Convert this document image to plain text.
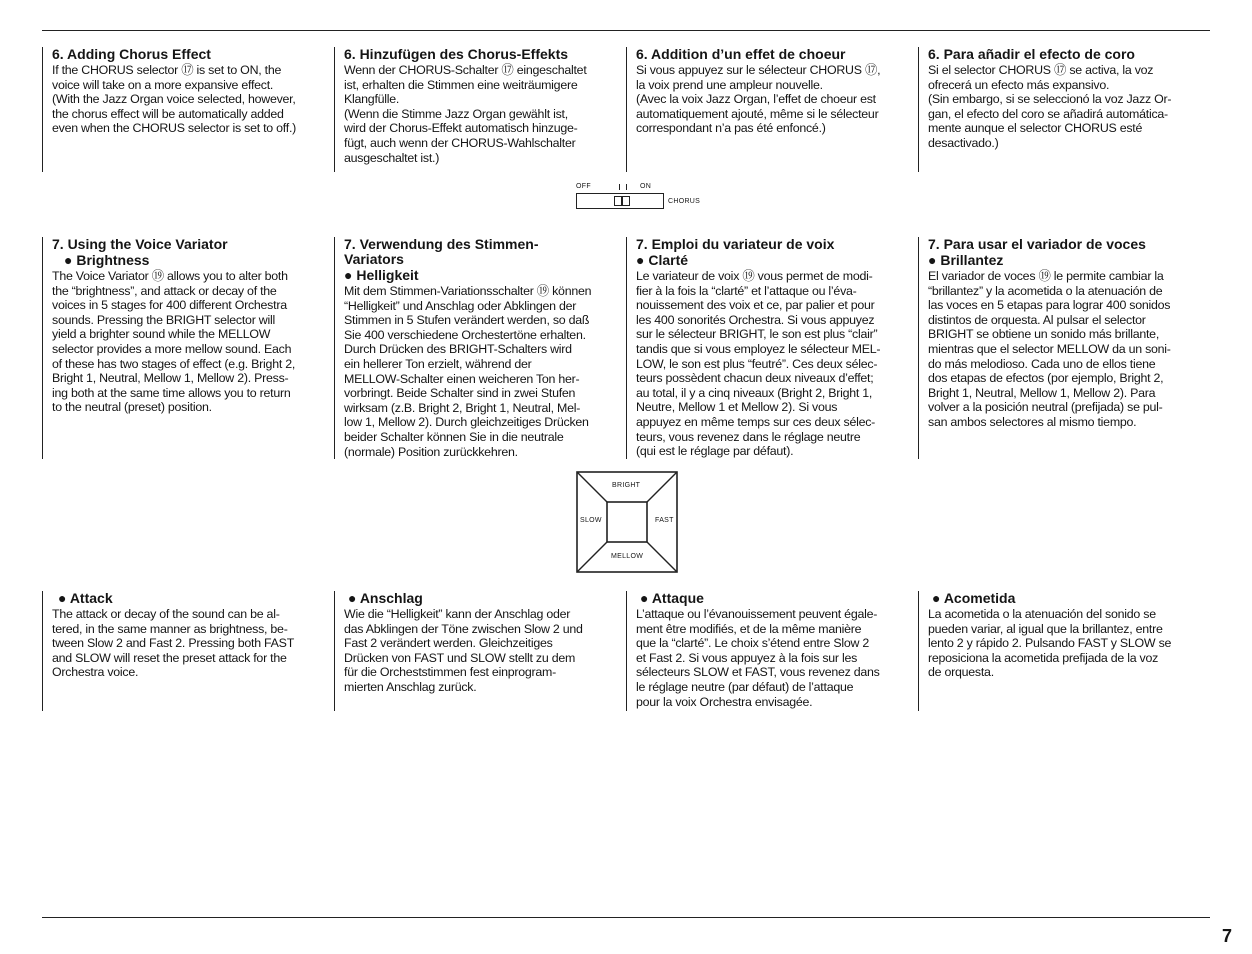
6. Adding Chorus Effect
If the CHORUS selector ⑰ is set to ON, the
voice will take on a more expansive effect.
(With the Jazz Organ voice selected, however,
the chorus effect will be automatically added
even when the CHORUS selector is set to off.)
6. Hinzufügen des Chorus-Effekts
Wenn der CHORUS-Schalter ⑰ eingeschaltet
ist, erhalten die Stimmen eine weiträumigere
Klangfülle.
(Wenn die Stimme Jazz Organ gewählt ist,
wird der Chorus-Effekt automatisch hinzuge-
fügt, auch wenn der CHORUS-Wahlschalter
ausgeschaltet ist.)
6. Addition d’un effet de choeur
Si vous appuyez sur le sélecteur CHORUS ⑰,
la voix prend une ampleur nouvelle.
(Avec la voix Jazz Organ, l’effet de choeur est
automatiquement ajouté, même si le sélecteur
correspondant n’a pas été enfoncé.)
6. Para añadir el efecto de coro
Si el selector CHORUS ⑰ se activa, la voz
ofrecerá un efecto más expansivo.
(Sin embargo, si se seleccionó la voz Jazz Or-
gan, el efecto del coro se añadirá automática-
mente aunque el selector CHORUS esté
desactivado.)
OFF	ON
CHORUS
7. Using the Voice Variator
● Brightness
The Voice Variator ⑲ allows you to alter both
the “brightness”, and attack or decay of the
voices in 5 stages for 400 different Orchestra
sounds. Pressing the BRIGHT selector will
yield a brighter sound while the MELLOW
selector provides a more mellow sound. Each
of these has two stages of effect (e.g. Bright 2,
Bright 1, Neutral, Mellow 1, Mellow 2). Press-
ing both at the same time allows you to return
to the neutral (preset) position.
7. Verwendung des Stimmen-
Variators
● Helligkeit
Mit dem Stimmen-Variationsschalter ⑲ können
“Helligkeit” und Anschlag oder Abklingen der
Stimmen in 5 Stufen verändert werden, so daß
Sie 400 verschiedene Orchestertöne erhalten.
Durch Drücken des BRIGHT-Schalters wird
ein hellerer Ton erzielt, während der
MELLOW-Schalter einen weicheren Ton her-
vorbringt. Beide Schalter sind in zwei Stufen
wirksam (z.B. Bright 2, Bright 1, Neutral, Mel-
low 1, Mellow 2). Durch gleichzeitiges Drücken
beider Schalter können Sie in die neutrale
(normale) Position zurückkehren.
7. Emploi du variateur de voix
● Clarté
Le variateur de voix ⑲ vous permet de modi-
fier à la fois la “clarté” et l’attaque ou l’éva-
nouissement des voix et ce, par palier et pour
les 400 sonorités Orchestra. Si vous appuyez
sur le sélecteur BRIGHT, le son est plus “clair”
tandis que si vous employez le sélecteur MEL-
LOW, le son est plus “feutré”. Ces deux sélec-
teurs possèdent chacun deux niveaux d’effet;
au total, il y a cinq niveaux (Bright 2, Bright 1,
Neutre, Mellow 1 et Mellow 2). Si vous
appuyez en même temps sur ces deux sélec-
teurs, vous revenez dans le réglage neutre
(qui est le réglage par défaut).
7. Para usar el variador de voces
● Brillantez
El variador de voces ⑲ le permite cambiar la
“brillantez” y la acometida o la atenuación de
las voces en 5 etapas para lograr 400 sonidos
distintos de orquesta. Al pulsar el selector
BRIGHT se obtiene un sonido más brillante,
mientras que el selector MELLOW da un soni-
do más melodioso. Cada uno de ellos tiene
dos etapas de efectos (por ejemplo, Bright 2,
Bright 1, Neutral, Mellow 1, Mellow 2). Para
volver a la posición neutral (prefijada) se pul-
san ambos selectores al mismo tiempo.
BRIGHT
SLOW	FAST
MELLOW
● Attack
The attack or decay of the sound can be al-
tered, in the same manner as brightness, be-
tween Slow 2 and Fast 2. Pressing both FAST
and SLOW will reset the preset attack for the
Orchestra voice.
● Anschlag
Wie die “Helligkeit” kann der Anschlag oder
das Abklingen der Töne zwischen Slow 2 und
Fast 2 verändert werden. Gleichzeitiges
Drücken von FAST und SLOW stellt zu dem
für die Orcheststimmen fest einprogram-
mierten Anschlag zurück.
● Attaque
L’attaque ou l’évanouissement peuvent égale-
ment être modifiés, et de la même manière
que la “clarté”. Le choix s’étend entre Slow 2
et Fast 2. Si vous appuyez à la fois sur les
sélecteurs SLOW et FAST, vous revenez dans
le réglage neutre (par défaut) de l’attaque
pour la voix Orchestra envisagée.
● Acometida
La acometida o la atenuación del sonido se
pueden variar, al igual que la brillantez, entre
lento 2 y rápido 2. Pulsando FAST y SLOW se
reposiciona la acometida prefijada de la voz
de orquesta.
7
